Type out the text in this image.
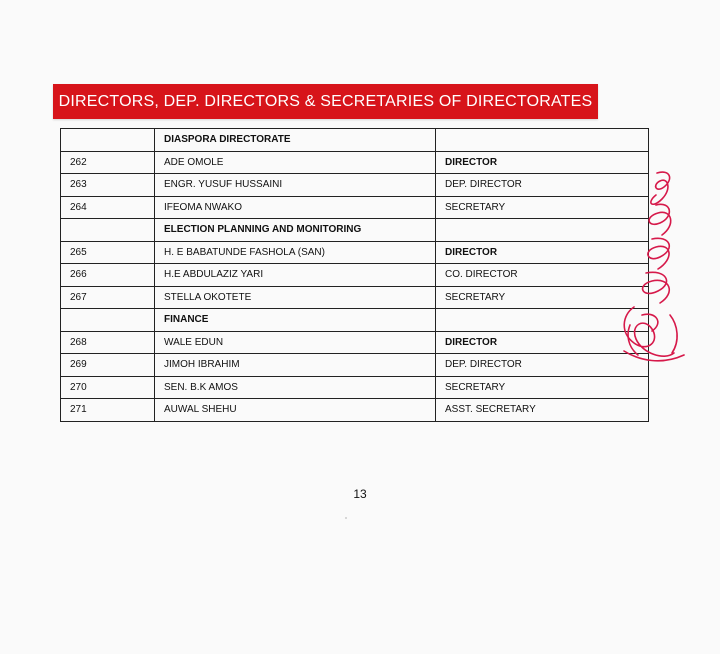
DIRECTORS, DEP. DIRECTORS & SECRETARIES OF DIRECTORATES
	DIASPORA DIRECTORATE	
262	ADE OMOLE	DIRECTOR
263	ENGR. YUSUF HUSSAINI	DEP. DIRECTOR
264	IFEOMA NWAKO	SECRETARY
	ELECTION PLANNING AND MONITORING	
265	H. E BABATUNDE FASHOLA (SAN)	DIRECTOR
266	H.E ABDULAZIZ YARI	CO. DIRECTOR
267	STELLA OKOTETE	SECRETARY
	FINANCE	
268	WALE EDUN	DIRECTOR
269	JIMOH IBRAHIM	DEP. DIRECTOR
270	SEN. B.K AMOS	SECRETARY
271	AUWAL SHEHU	ASST. SECRETARY
13
